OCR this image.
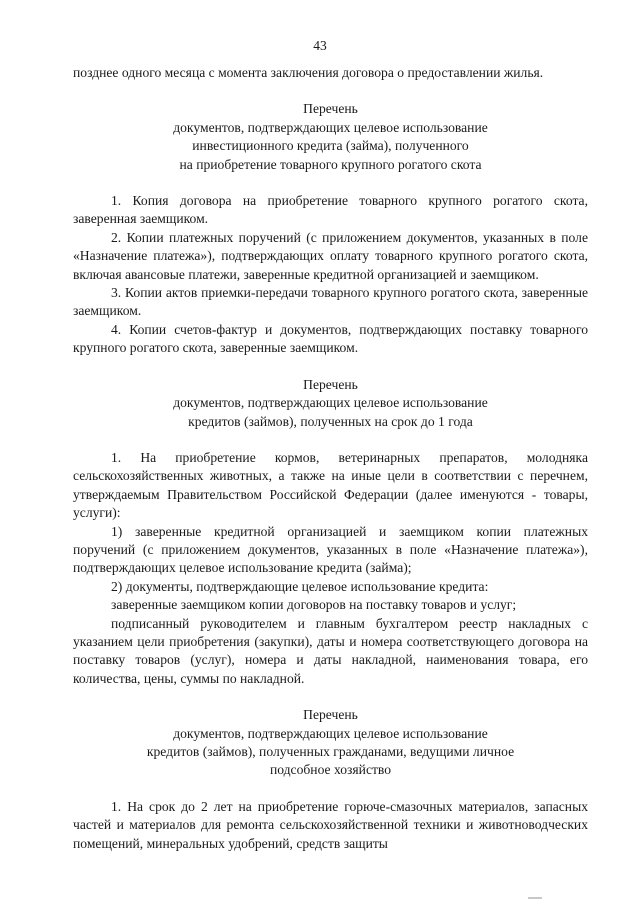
43

позднее одного месяца с момента заключения договора о предоставлении жилья.

Перечень

документов, подтверждающих целевое использование

инвестиционного кредита (займа), полученного

на приобретение товарного крупного рогатого скота

1. Копия договора на приобретение товарного крупного рогатого скота, заверенная заемщиком.

2. Копии платежных поручений (с приложением документов, указанных в поле «Назначение платежа»), подтверждающих оплату товарного крупного рогатого скота, включая авансовые платежи, заверенные кредитной организацией и заемщиком.

3. Копии актов приемки-передачи товарного крупного рогатого скота, заверенные заемщиком.

4. Копии счетов-фактур и документов, подтверждающих поставку товарного крупного рогатого скота, заверенные заемщиком.

Перечень

документов, подтверждающих целевое использование

кредитов (займов), полученных на срок до 1 года

1. На приобретение кормов, ветеринарных препаратов, молодняка сельскохозяйственных животных, а также на иные цели в соответствии с перечнем, утверждаемым Правительством Российской Федерации (далее именуются - товары, услуги):

1) заверенные кредитной организацией и заемщиком копии платежных поручений (с приложением документов, указанных в поле «Назначение платежа»), подтверждающих целевое использование кредита (займа);

2) документы, подтверждающие целевое использование кредита:

заверенные заемщиком копии договоров на поставку товаров и услуг;

подписанный руководителем и главным бухгалтером реестр накладных с указанием цели приобретения (закупки), даты и номера соответствующего договора на поставку товаров (услуг), номера и даты накладной, наименования товара, его количества, цены, суммы по накладной.

Перечень

документов, подтверждающих целевое использование

кредитов (займов), полученных гражданами, ведущими личное

подсобное хозяйство

1. На срок до 2 лет на приобретение горюче-смазочных материалов, запасных частей и материалов для ремонта сельскохозяйственной техники и животноводческих помещений, минеральных удобрений, средств защиты
